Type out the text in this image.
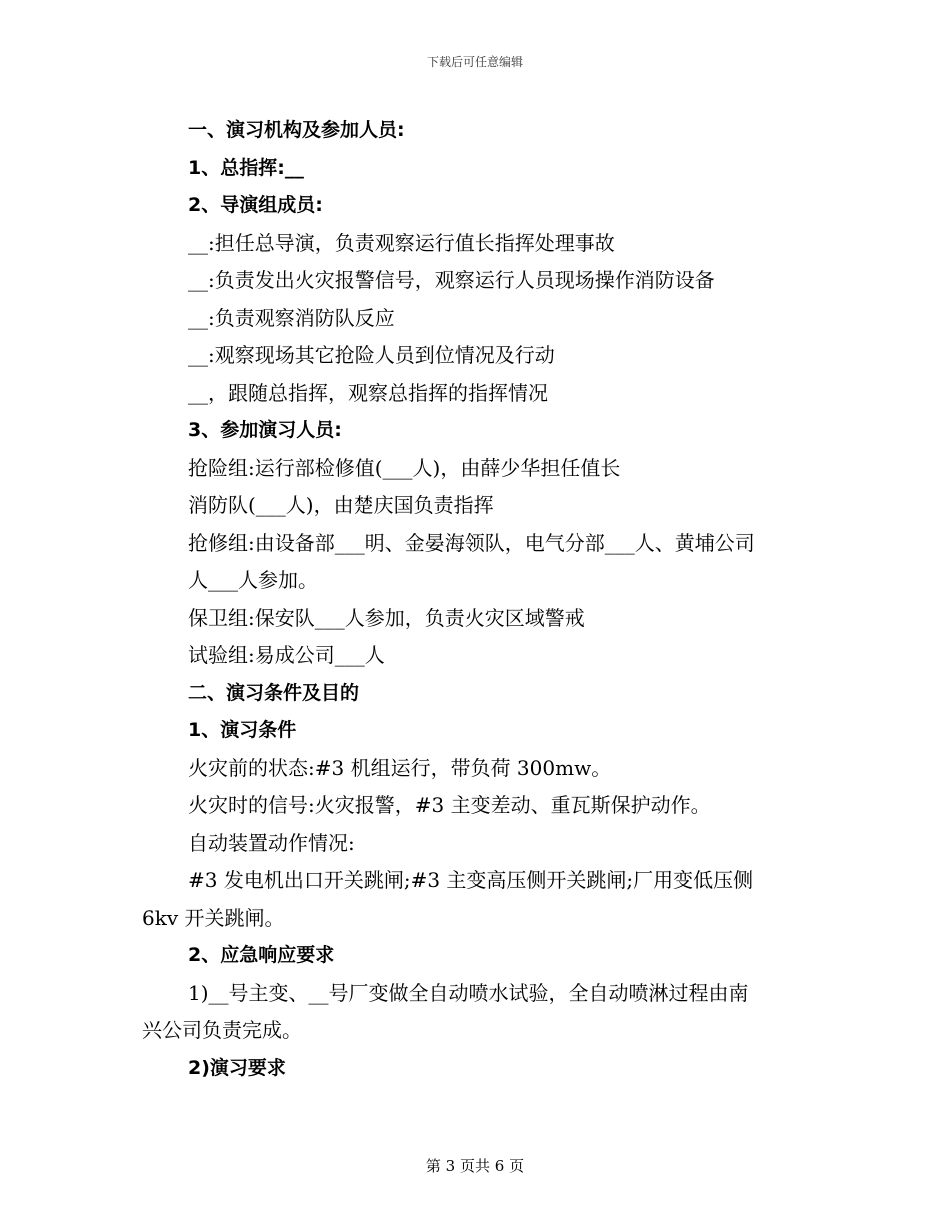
下载后可任意编辑
一、演习机构及参加人员:
1、总指挥:__
2、导演组成员:
__:担任总导演，负责观察运行值长指挥处理事故
__:负责发出火灾报警信号，观察运行人员现场操作消防设备
__:负责观察消防队反应
__:观察现场其它抢险人员到位情况及行动
__，跟随总指挥，观察总指挥的指挥情况
3、参加演习人员:
抢险组:运行部检修值(___人)，由薛少华担任值长
消防队(___人)，由楚庆国负责指挥
抢修组:由设备部___明、金晏海领队，电气分部___人、黄埔公司
人___人参加。
保卫组:保安队___人参加，负责火灾区域警戒
试验组:易成公司___人
二、演习条件及目的
1、演习条件
火灾前的状态:#3 机组运行，带负荷 300mw。
火灾时的信号:火灾报警，#3 主变差动、重瓦斯保护动作。
自动装置动作情况:
#3 发电机出口开关跳闸;#3 主变高压侧开关跳闸;厂用变低压侧
6kv 开关跳闸。
2、应急响应要求
1)__号主变、__号厂变做全自动喷水试验，全自动喷淋过程由南
兴公司负责完成。
2)演习要求
第 3 页共 6 页
